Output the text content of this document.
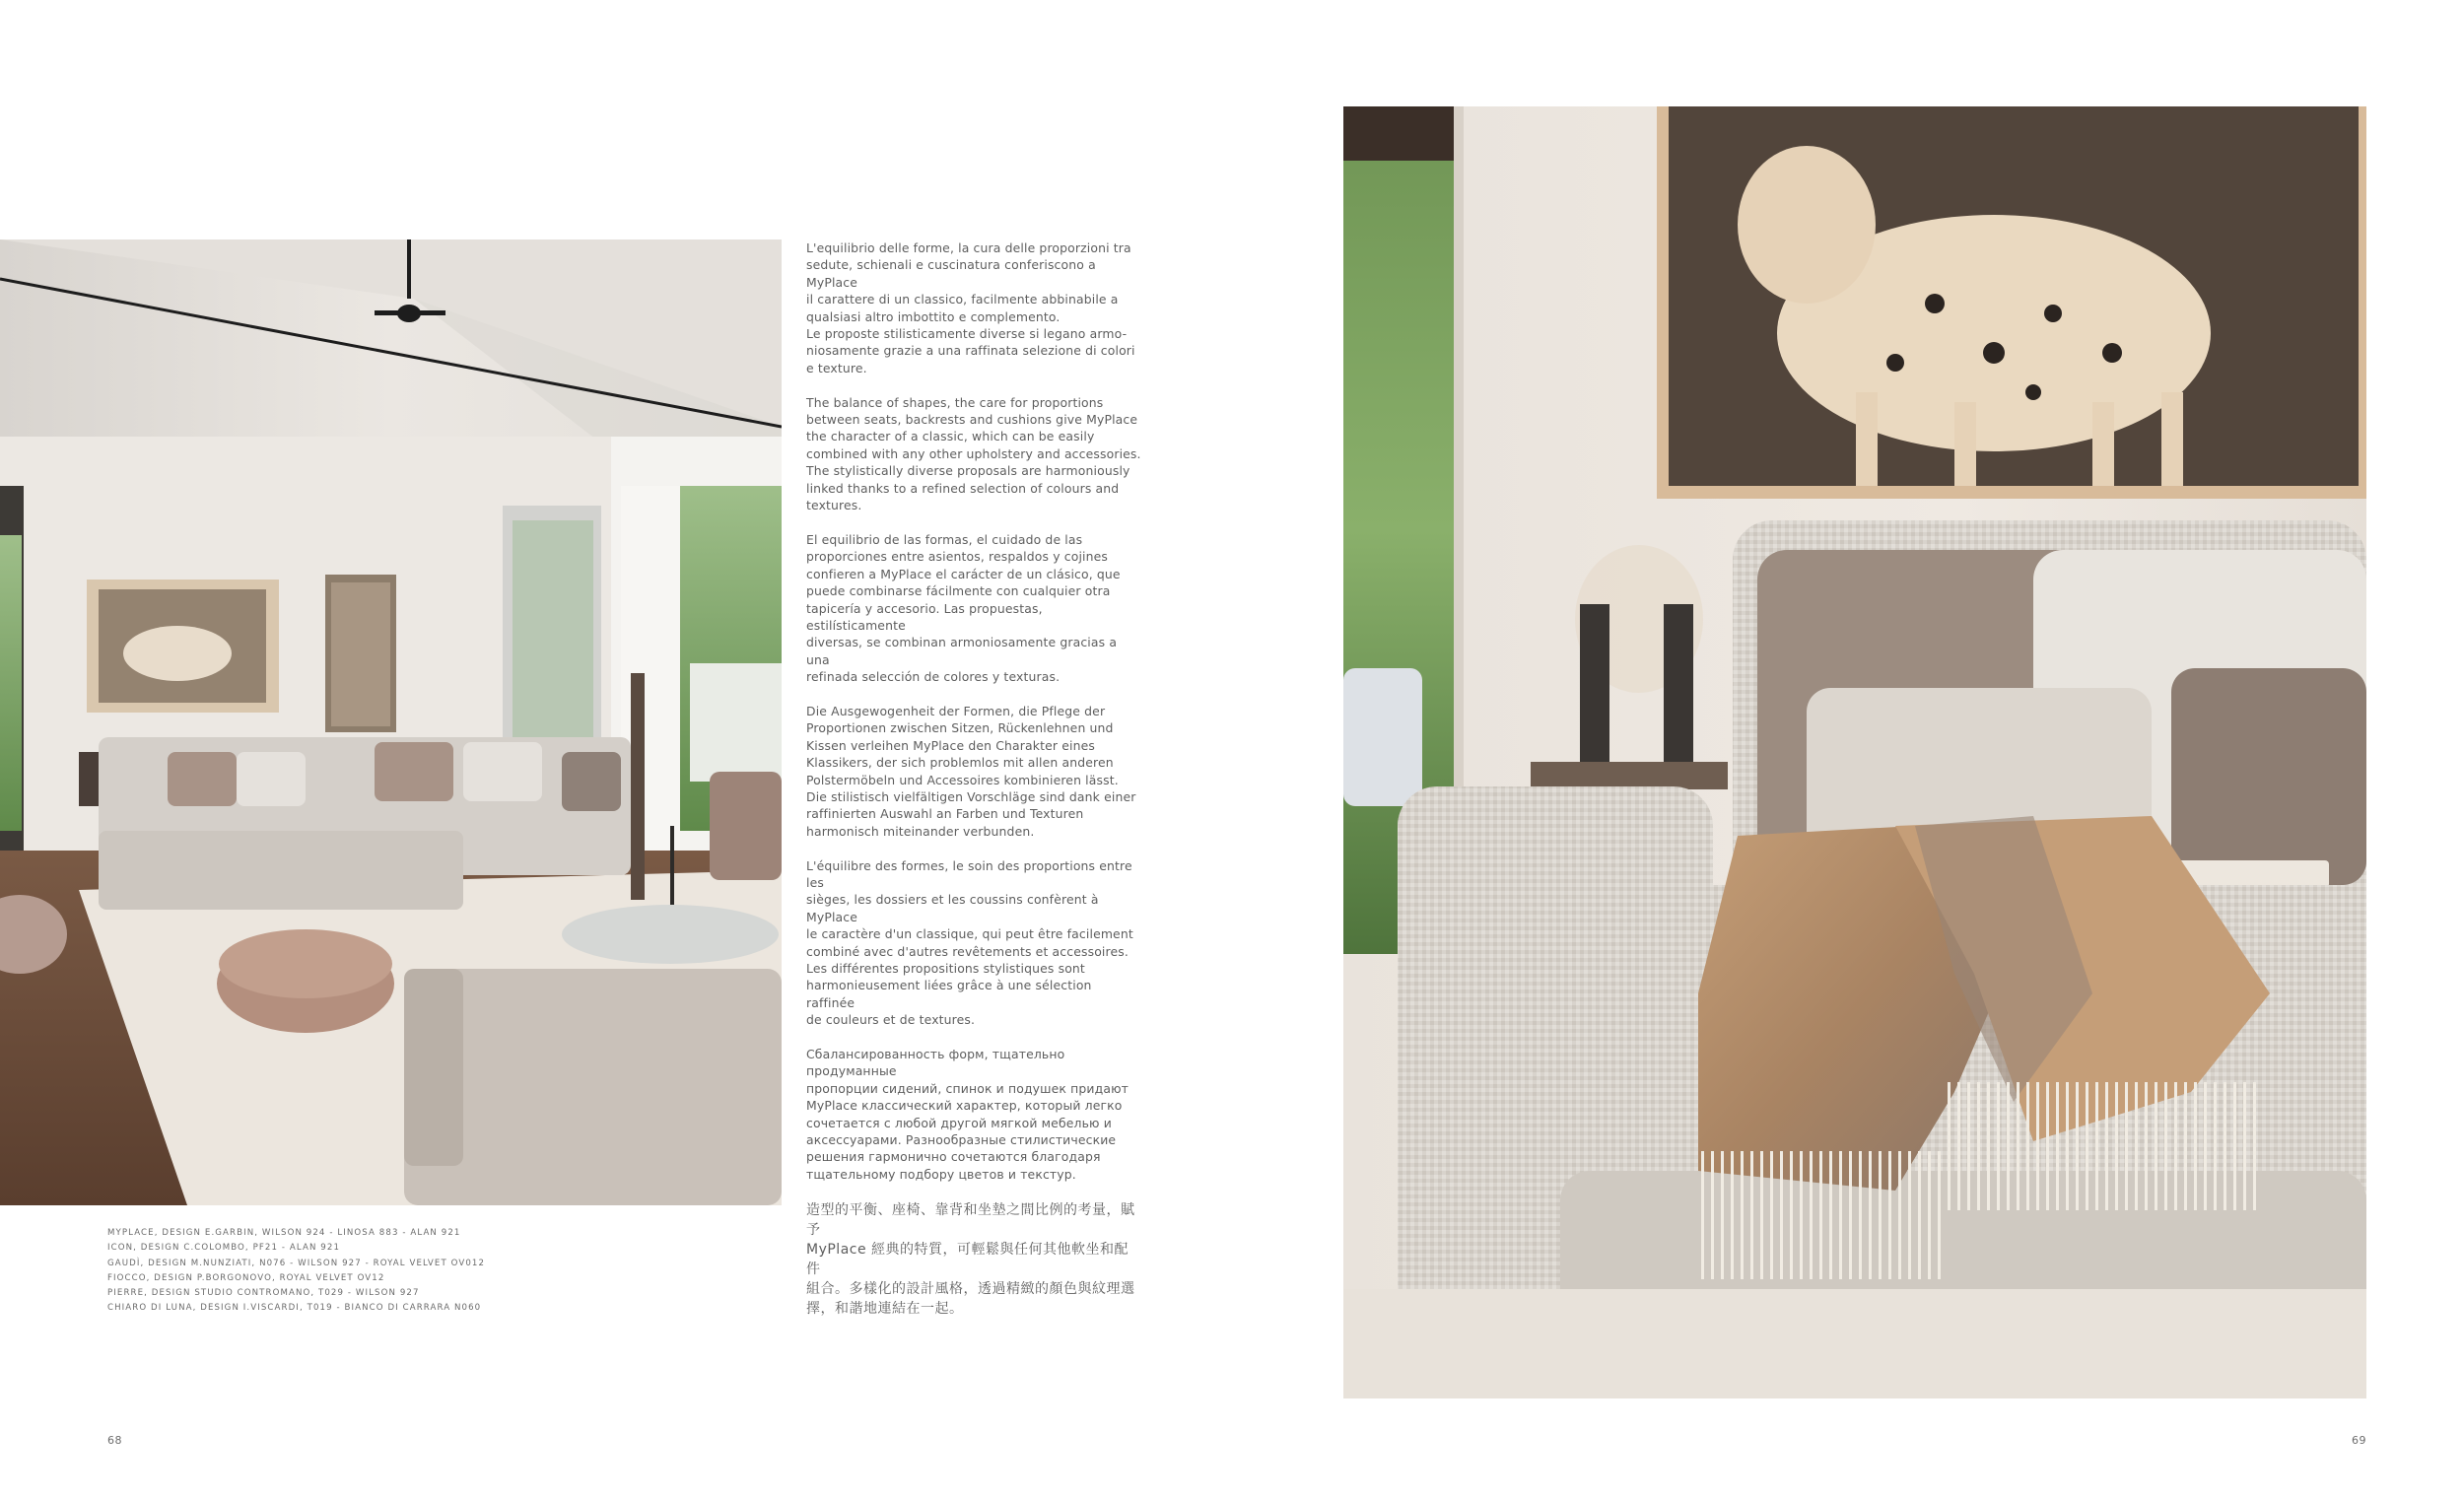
L'equilibrio delle forme, la cura delle proporzioni tra
sedute, schienali e cuscinatura conferiscono a MyPlace
il carattere di un classico, facilmente abbinabile a
qualsiasi altro imbottito e complemento.
Le proposte stilisticamente diverse si legano armo-
niosamente grazie a una raffinata selezione di colori
e texture.

The balance of shapes, the care for proportions
between seats, backrests and cushions give MyPlace
the character of a classic, which can be easily
combined with any other upholstery and accessories.
The stylistically diverse proposals are harmoniously
linked thanks to a refined selection of colours and
textures.

El equilibrio de las formas, el cuidado de las
proporciones entre asientos, respaldos y cojines
confieren a MyPlace el carácter de un clásico, que
puede combinarse fácilmente con cualquier otra
tapicería y accesorio. Las propuestas, estilísticamente
diversas, se combinan armoniosamente gracias a una
refinada selección de colores y texturas.

Die Ausgewogenheit der Formen, die Pflege der
Proportionen zwischen Sitzen, Rückenlehnen und
Kissen verleihen MyPlace den Charakter eines
Klassikers, der sich problemlos mit allen anderen
Polstermöbeln und Accessoires kombinieren lässt.
Die stilistisch vielfältigen Vorschläge sind dank einer
raffinierten Auswahl an Farben und Texturen
harmonisch miteinander verbunden.

L'équilibre des formes, le soin des proportions entre les
sièges, les dossiers et les coussins confèrent à MyPlace
le caractère d'un classique, qui peut être facilement
combiné avec d'autres revêtements et accessoires.
Les différentes propositions stylistiques sont
harmonieusement liées grâce à une sélection raffinée
de couleurs et de textures.

Сбалансированность форм, тщательно продуманные
пропорции сидений, спинок и подушек придают
MyPlace классический характер, который легко
сочетается с любой другой мягкой мебелью и
аксессуарами. Разнообразные стилистические
решения гармонично сочетаются благодаря
тщательному подбору цветов и текстур.

造型的平衡、座椅、靠背和坐墊之間比例的考量，賦予
MyPlace 經典的特質，可輕鬆與任何其他軟坐和配件
組合。多樣化的設計風格，透過精緻的顏色與紋理選
擇，和諧地連結在一起。

MYPLACE, DESIGN E.GARBIN, WILSON 924 - LINOSA 883 - ALAN 921
ICON, DESIGN C.COLOMBO, PF21 - ALAN 921
GAUDÌ, DESIGN M.NUNZIATI, N076 - WILSON 927 - ROYAL VELVET OV012
FIOCCO, DESIGN P.BORGONOVO, ROYAL VELVET OV12
PIERRE, DESIGN STUDIO CONTROMANO, T029 - WILSON 927
CHIARO DI LUNA, DESIGN I.VISCARDI, T019 - BIANCO DI CARRARA N060
68	69
